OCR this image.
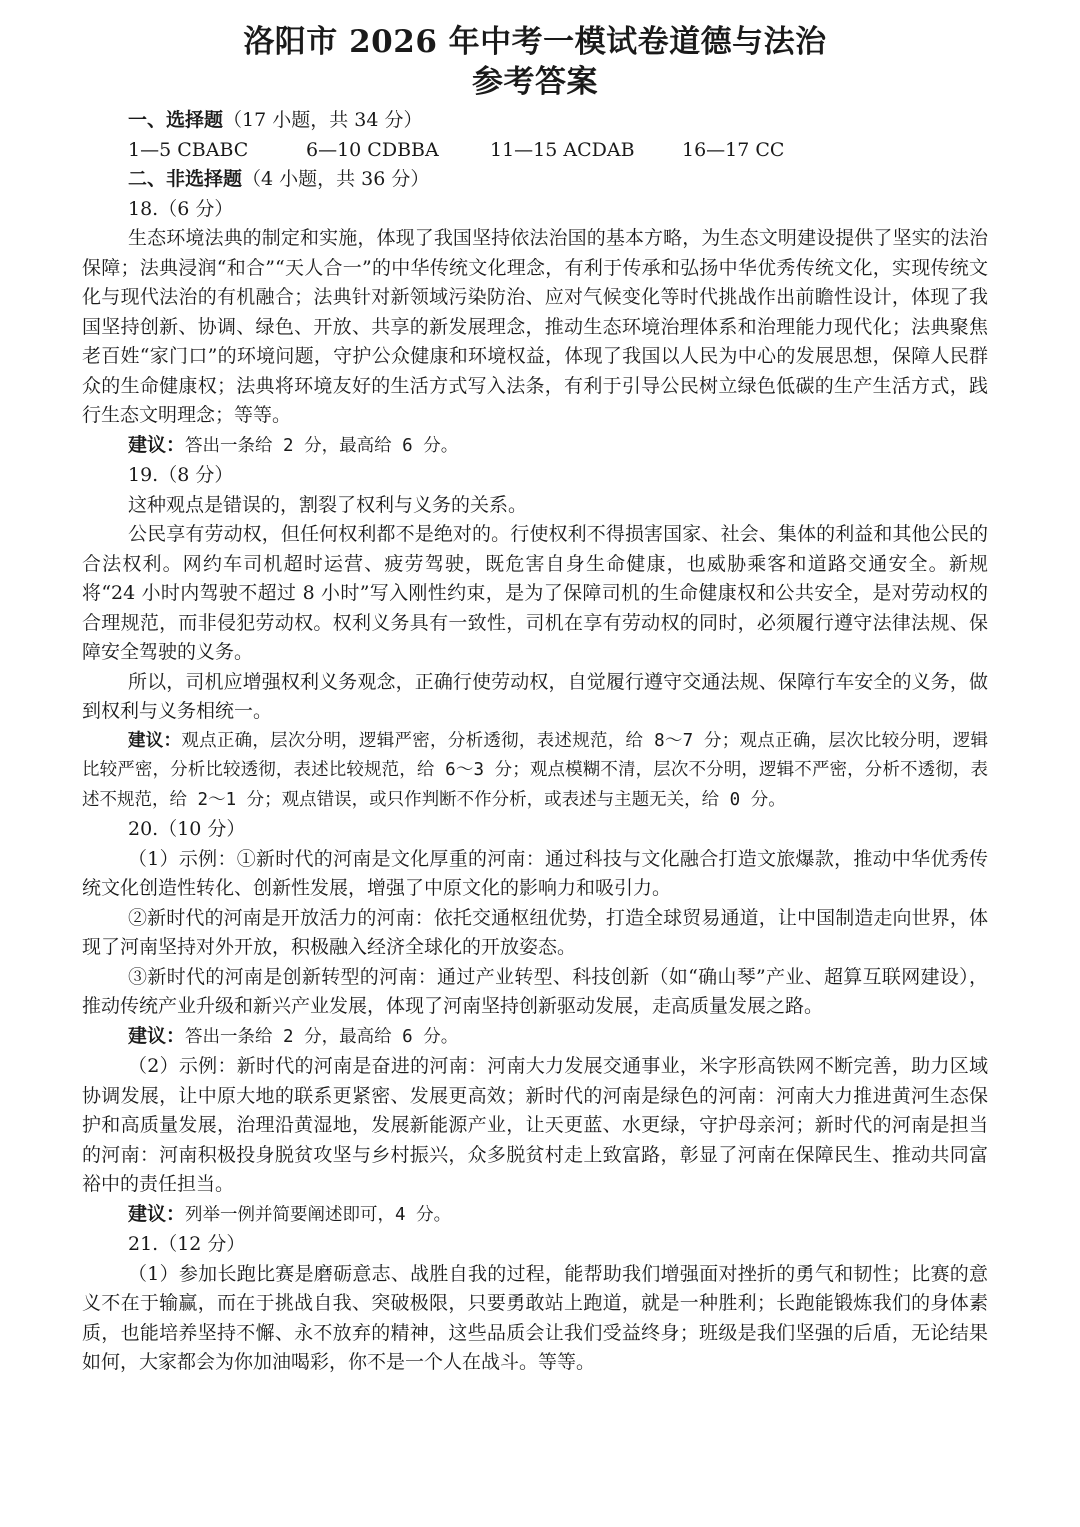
洛阳市 2026 年中考一模试卷道德与法治
参考答案
一、选择题（17 小题，共 34 分）
1—5 CBABC	6—10 CDBBA	11—15 ACDAB	16—17 CC
二、非选择题（4 小题，共 36 分）
18.（6 分）

生态环境法典的制定和实施，体现了我国坚持依法治国的基本方略，为生态文明建设提供了坚实的法治保障；法典浸润“和合”“天人合一”的中华传统文化理念，有利于传承和弘扬中华优秀传统文化，实现传统文化与现代法治的有机融合；法典针对新领域污染防治、应对气候变化等时代挑战作出前瞻性设计，体现了我国坚持创新、协调、绿色、开放、共享的新发展理念，推动生态环境治理体系和治理能力现代化；法典聚焦老百姓“家门口”的环境问题，守护公众健康和环境权益，体现了我国以人民为中心的发展思想，保障人民群众的生命健康权；法典将环境友好的生活方式写入法条，有利于引导公民树立绿色低碳的生产生活方式，践行生态文明理念；等等。

建议：答出一条给 2 分，最高给 6 分。

19.（8 分）

这种观点是错误的，割裂了权利与义务的关系。

公民享有劳动权，但任何权利都不是绝对的。行使权利不得损害国家、社会、集体的利益和其他公民的合法权利。网约车司机超时运营、疲劳驾驶，既危害自身生命健康，也威胁乘客和道路交通安全。新规将“24 小时内驾驶不超过 8 小时”写入刚性约束，是为了保障司机的生命健康权和公共安全，是对劳动权的合理规范，而非侵犯劳动权。权利义务具有一致性，司机在享有劳动权的同时，必须履行遵守法律法规、保障安全驾驶的义务。

所以，司机应增强权利义务观念，正确行使劳动权，自觉履行遵守交通法规、保障行车安全的义务，做到权利与义务相统一。

建议：观点正确，层次分明，逻辑严密，分析透彻，表述规范，给 8～7 分；观点正确，层次比较分明，逻辑比较严密，分析比较透彻，表述比较规范，给 6～3 分；观点模糊不清，层次不分明，逻辑不严密，分析不透彻，表述不规范，给 2～1 分；观点错误，或只作判断不作分析，或表述与主题无关，给 0 分。

20.（10 分）

（1）示例：①新时代的河南是文化厚重的河南：通过科技与文化融合打造文旅爆款，推动中华优秀传统文化创造性转化、创新性发展，增强了中原文化的影响力和吸引力。

②新时代的河南是开放活力的河南：依托交通枢纽优势，打造全球贸易通道，让中国制造走向世界，体现了河南坚持对外开放，积极融入经济全球化的开放姿态。

③新时代的河南是创新转型的河南：通过产业转型、科技创新（如“确山琴”产业、超算互联网建设），推动传统产业升级和新兴产业发展，体现了河南坚持创新驱动发展，走高质量发展之路。

建议：答出一条给 2 分，最高给 6 分。

（2）示例：新时代的河南是奋进的河南：河南大力发展交通事业，米字形高铁网不断完善，助力区域协调发展，让中原大地的联系更紧密、发展更高效；新时代的河南是绿色的河南：河南大力推进黄河生态保护和高质量发展，治理沿黄湿地，发展新能源产业，让天更蓝、水更绿，守护母亲河；新时代的河南是担当的河南：河南积极投身脱贫攻坚与乡村振兴，众多脱贫村走上致富路，彰显了河南在保障民生、推动共同富裕中的责任担当。

建议：列举一例并简要阐述即可，4 分。

21.（12 分）

（1）参加长跑比赛是磨砺意志、战胜自我的过程，能帮助我们增强面对挫折的勇气和韧性；比赛的意义不在于输赢，而在于挑战自我、突破极限，只要勇敢站上跑道，就是一种胜利；长跑能锻炼我们的身体素质，也能培养坚持不懈、永不放弃的精神，这些品质会让我们受益终身；班级是我们坚强的后盾，无论结果如何，大家都会为你加油喝彩，你不是一个人在战斗。等等。
